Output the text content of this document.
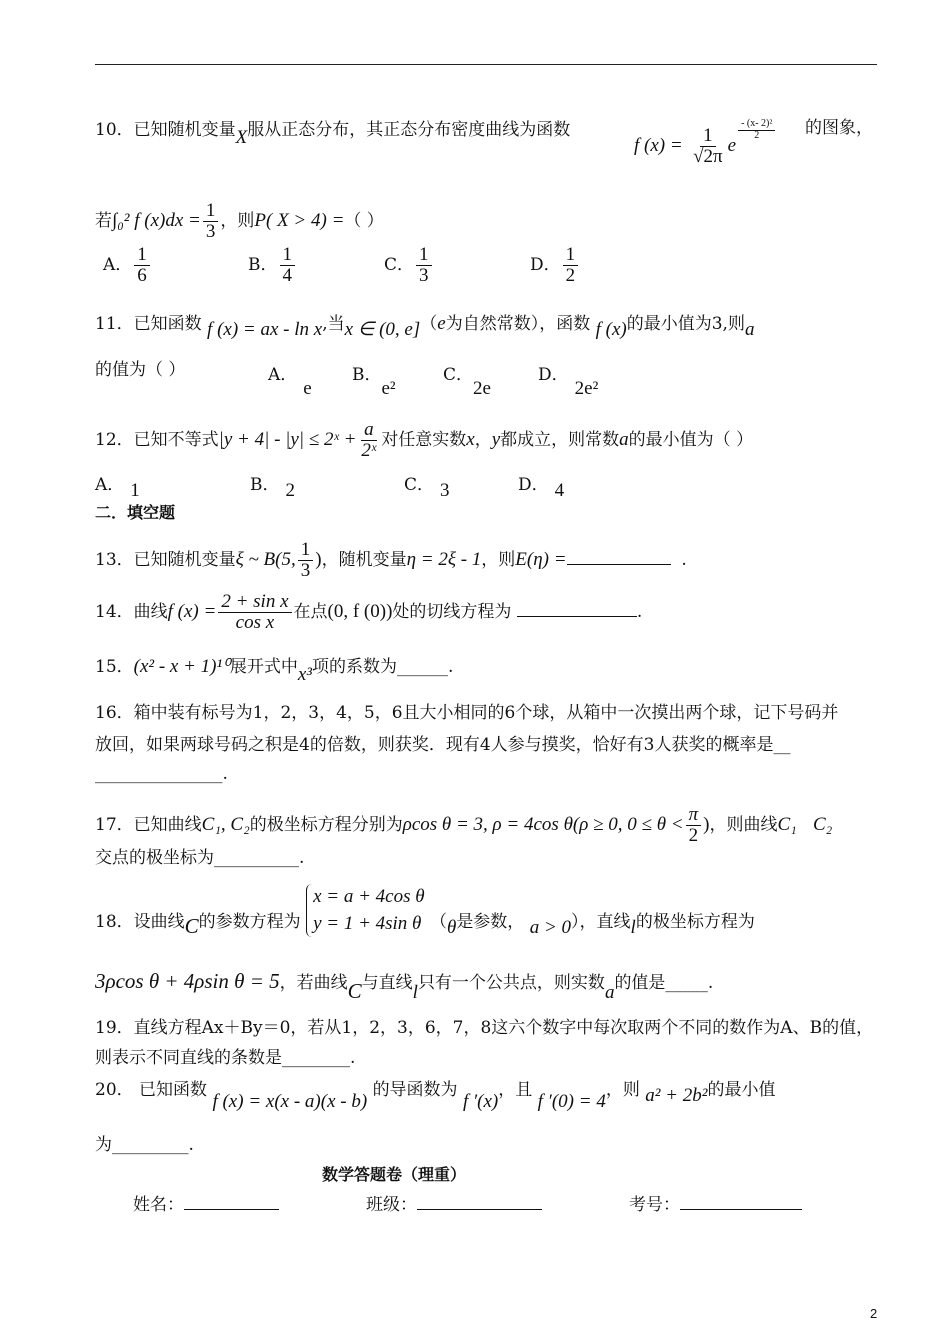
10．已知随机变量X服从正态分布，其正态分布密度曲线为函数
f $(x) = \frac{1}{√2\pi}$ e
$\frac{\text{- (x- 2)²}}{2}$ 的图象，
若∫₀² f $(x)dx = \frac{1}{3}$ ，则P( X > 4) =（ ）
A． $\frac{1}{6}$	B． $\frac{1}{4}$	C． $\frac{1}{3}$	D． $\frac{1}{2}$
11．已知函数 f (x) = ax - ln x,当x ∈ (0, e]（e为自然常数），函数 f (x)的最小值为3,则a
的值为（ ）	A．e
B．e²
C．2e
D．2e²
12．已知不等式|y + 4| - |y| ≤ 2ˣ + $\frac{a}{\text{2ˣ}}$ 对任意实数x，y都成立，则常数a的最小值为（ ）
A． 1	B． 2	C． 3	D． 4
二．填空题
13．已知随机变量ξ ~ B(5, $\frac{1}{3}$ )，随机变量η = 2ξ - 1，则E(η) =	.
14．曲线f $(x) = \frac{\text{2 + sin x}}{\text{cos x}}$ 在点(0, f (0))处的切线方程为	.
15．(x² - x + 1)¹⁰展开式中x³项的系数为______.
16．箱中装有标号为1，2，3，4，5，6且大小相同的6个球，从箱中一次摸出两个球，记下号码并
放回，如果两球号码之积是4的倍数，则获奖．现有4人参与摸奖，恰好有3人获奖的概率是__
_______________.
17．已知曲线C₁, C₂的极坐标方程分别为ρcos θ = 3, ρ = 4cos θ(ρ ≥ 0, $0 \le \theta < \frac{\pi}{2}$ )，则曲线C₁ C₂
交点的极坐标为__________.
18．设曲线C的参数方程为
x = a + 4cos θ
y = 1 + 4sin θ （θ是参数， a > 0），直线l的极坐标方程为
3ρcos θ + 4ρsin θ = 5，若曲线C与直线l只有一个公共点，则实数a的值是_____.
19．直线方程Ax＋By＝0，若从1，2，3，6，7，8这六个数字中每次取两个不同的数作为A、B的值，
则表示不同直线的条数是________.
20． 已知函数 f (x) = x(x - a)(x - b) 的导函数为 f ′(x)，且 f ′(0) = 4，则 a² + 2b²的最小值
为_________.
数学答题卷（理重）
姓名：	班级：	考号：
2
